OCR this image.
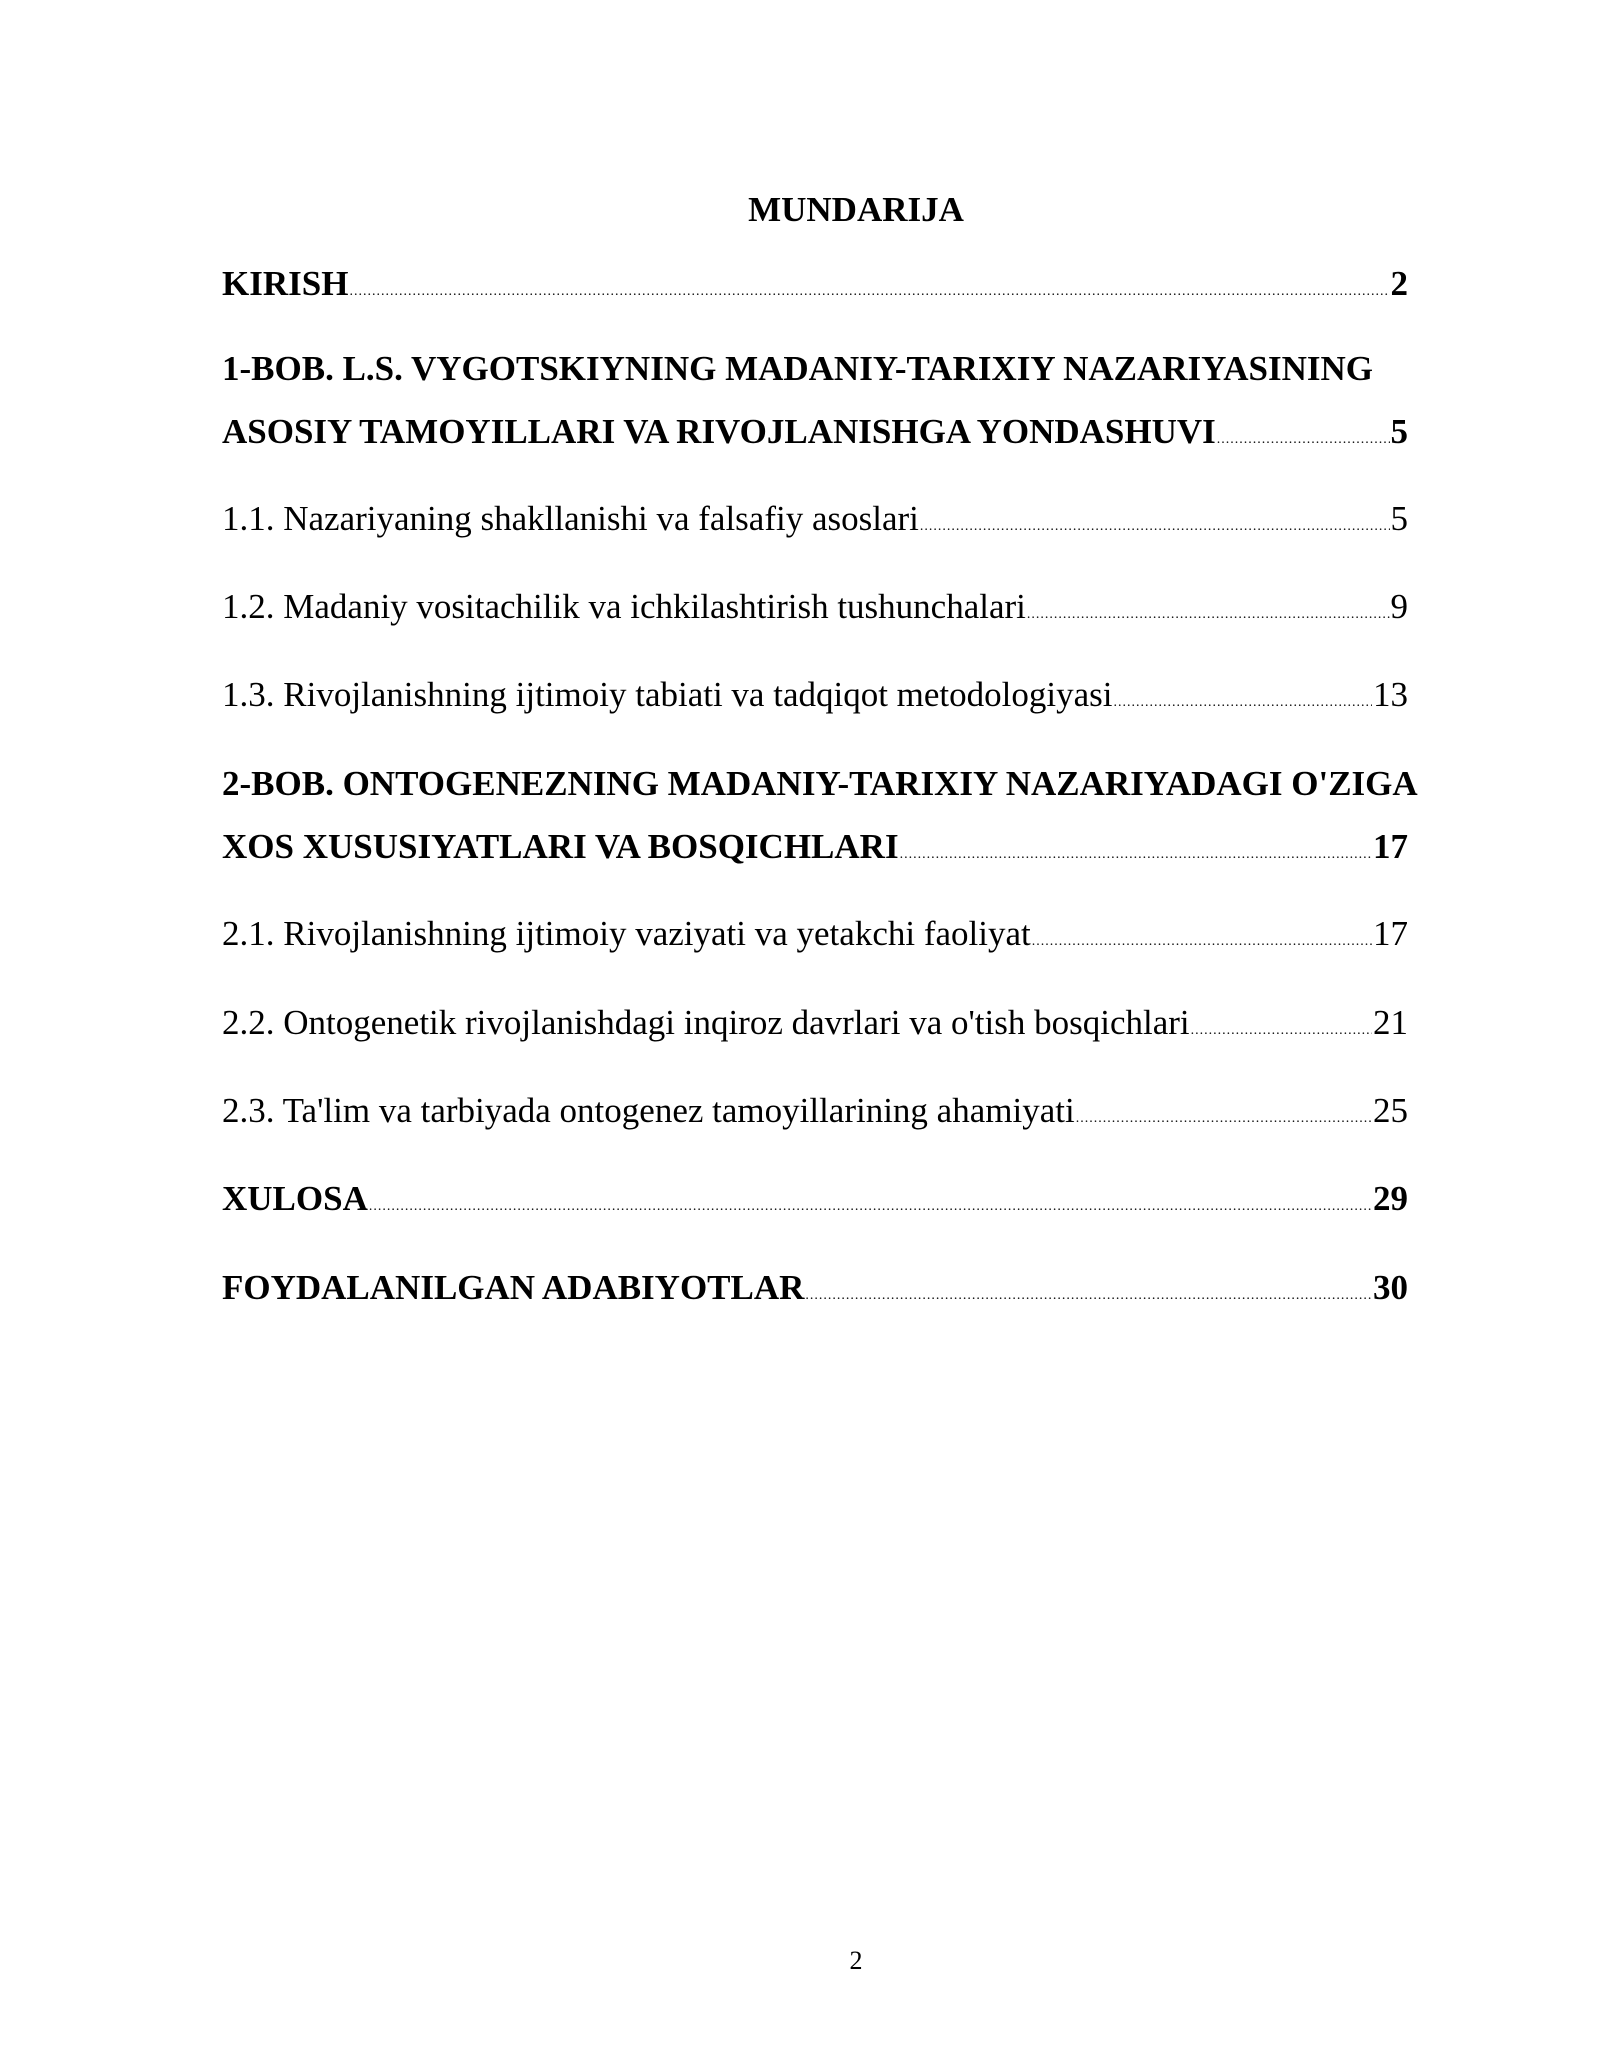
MUNDARIJA
KIRISH .....	2
1-BOB. L.S. VYGOTSKIYNING MADANIY-TARIXIY NAZARIYASINING
ASOSIY TAMOYILLARI VA RIVOJLANISHGA YONDASHUVI .....	5
1.1. Nazariyaning shakllanishi va falsafiy asoslari .....	5
1.2. Madaniy vositachilik va ichkilashtirish tushunchalari .....	9
1.3. Rivojlanishning ijtimoiy tabiati va tadqiqot metodologiyasi .....	13
2-BOB. ONTOGENEZNING MADANIY-TARIXIY NAZARIYADAGI O'ZIGA
XOS XUSUSIYATLARI VA BOSQICHLARI .....	17
2.1. Rivojlanishning ijtimoiy vaziyati va yetakchi faoliyat .....	17
2.2. Ontogenetik rivojlanishdagi inqiroz davrlari va o'tish bosqichlari .....	21
2.3. Ta'lim va tarbiyada ontogenez tamoyillarining ahamiyati .....	25
XULOSA .....	29
FOYDALANILGAN ADABIYOTLAR .....	30
2
